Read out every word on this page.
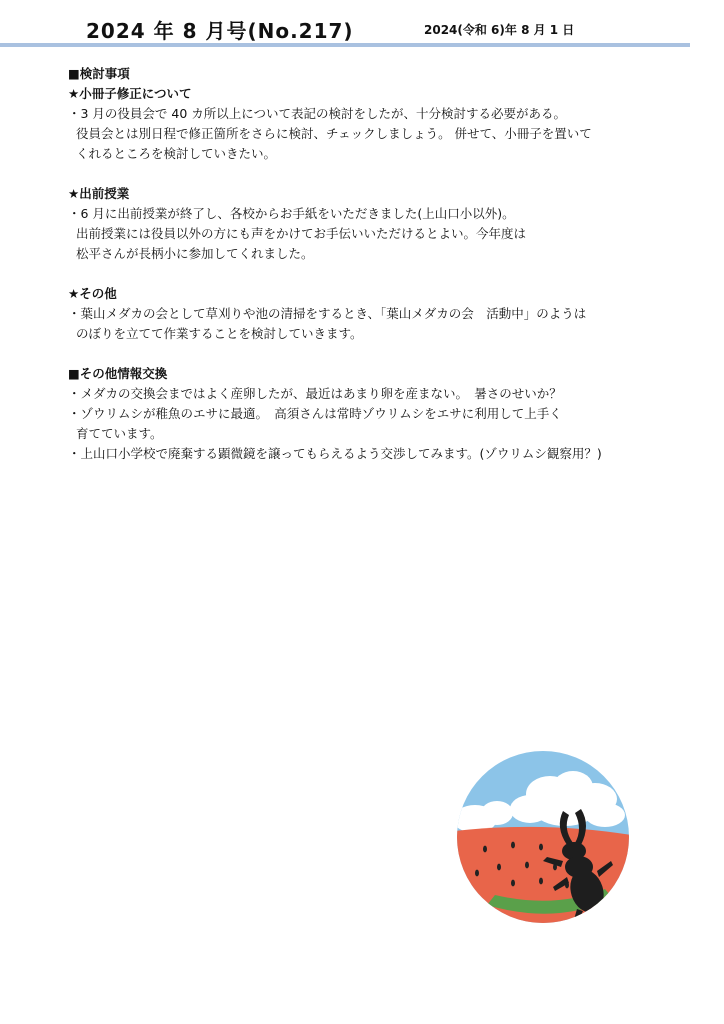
2024 年 8 月号(No.217)	2024(令和 6)年 8 月 1 日
■検討事項
★小冊子修正について
・3 月の役員会で 40 カ所以上について表記の検討をしたが、十分検討する必要がある。
役員会とは別日程で修正箇所をさらに検討、チェックしましょう。 併せて、小冊子を置いて
くれるところを検討していきたい。
★出前授業
・6 月に出前授業が終了し、各校からお手紙をいただきました(上山口小以外)。
出前授業には役員以外の方にも声をかけてお手伝いいただけるとよい。今年度は
松平さんが長柄小に参加してくれました。
★その他
・葉山メダカの会として草刈りや池の清掃をするとき、「葉山メダカの会　活動中」のようは
のぼりを立てて作業することを検討していきます。
■その他情報交換
・メダカの交換会まではよく産卵したが、最近はあまり卵を産まない。　暑さのせいか？
・ゾウリムシが稚魚のエサに最適。　高須さんは常時ゾウリムシをエサに利用して上手く
育てています。
・上山口小学校で廃棄する顕微鏡を譲ってもらえるよう交渉してみます。(ゾウリムシ観察用？)
